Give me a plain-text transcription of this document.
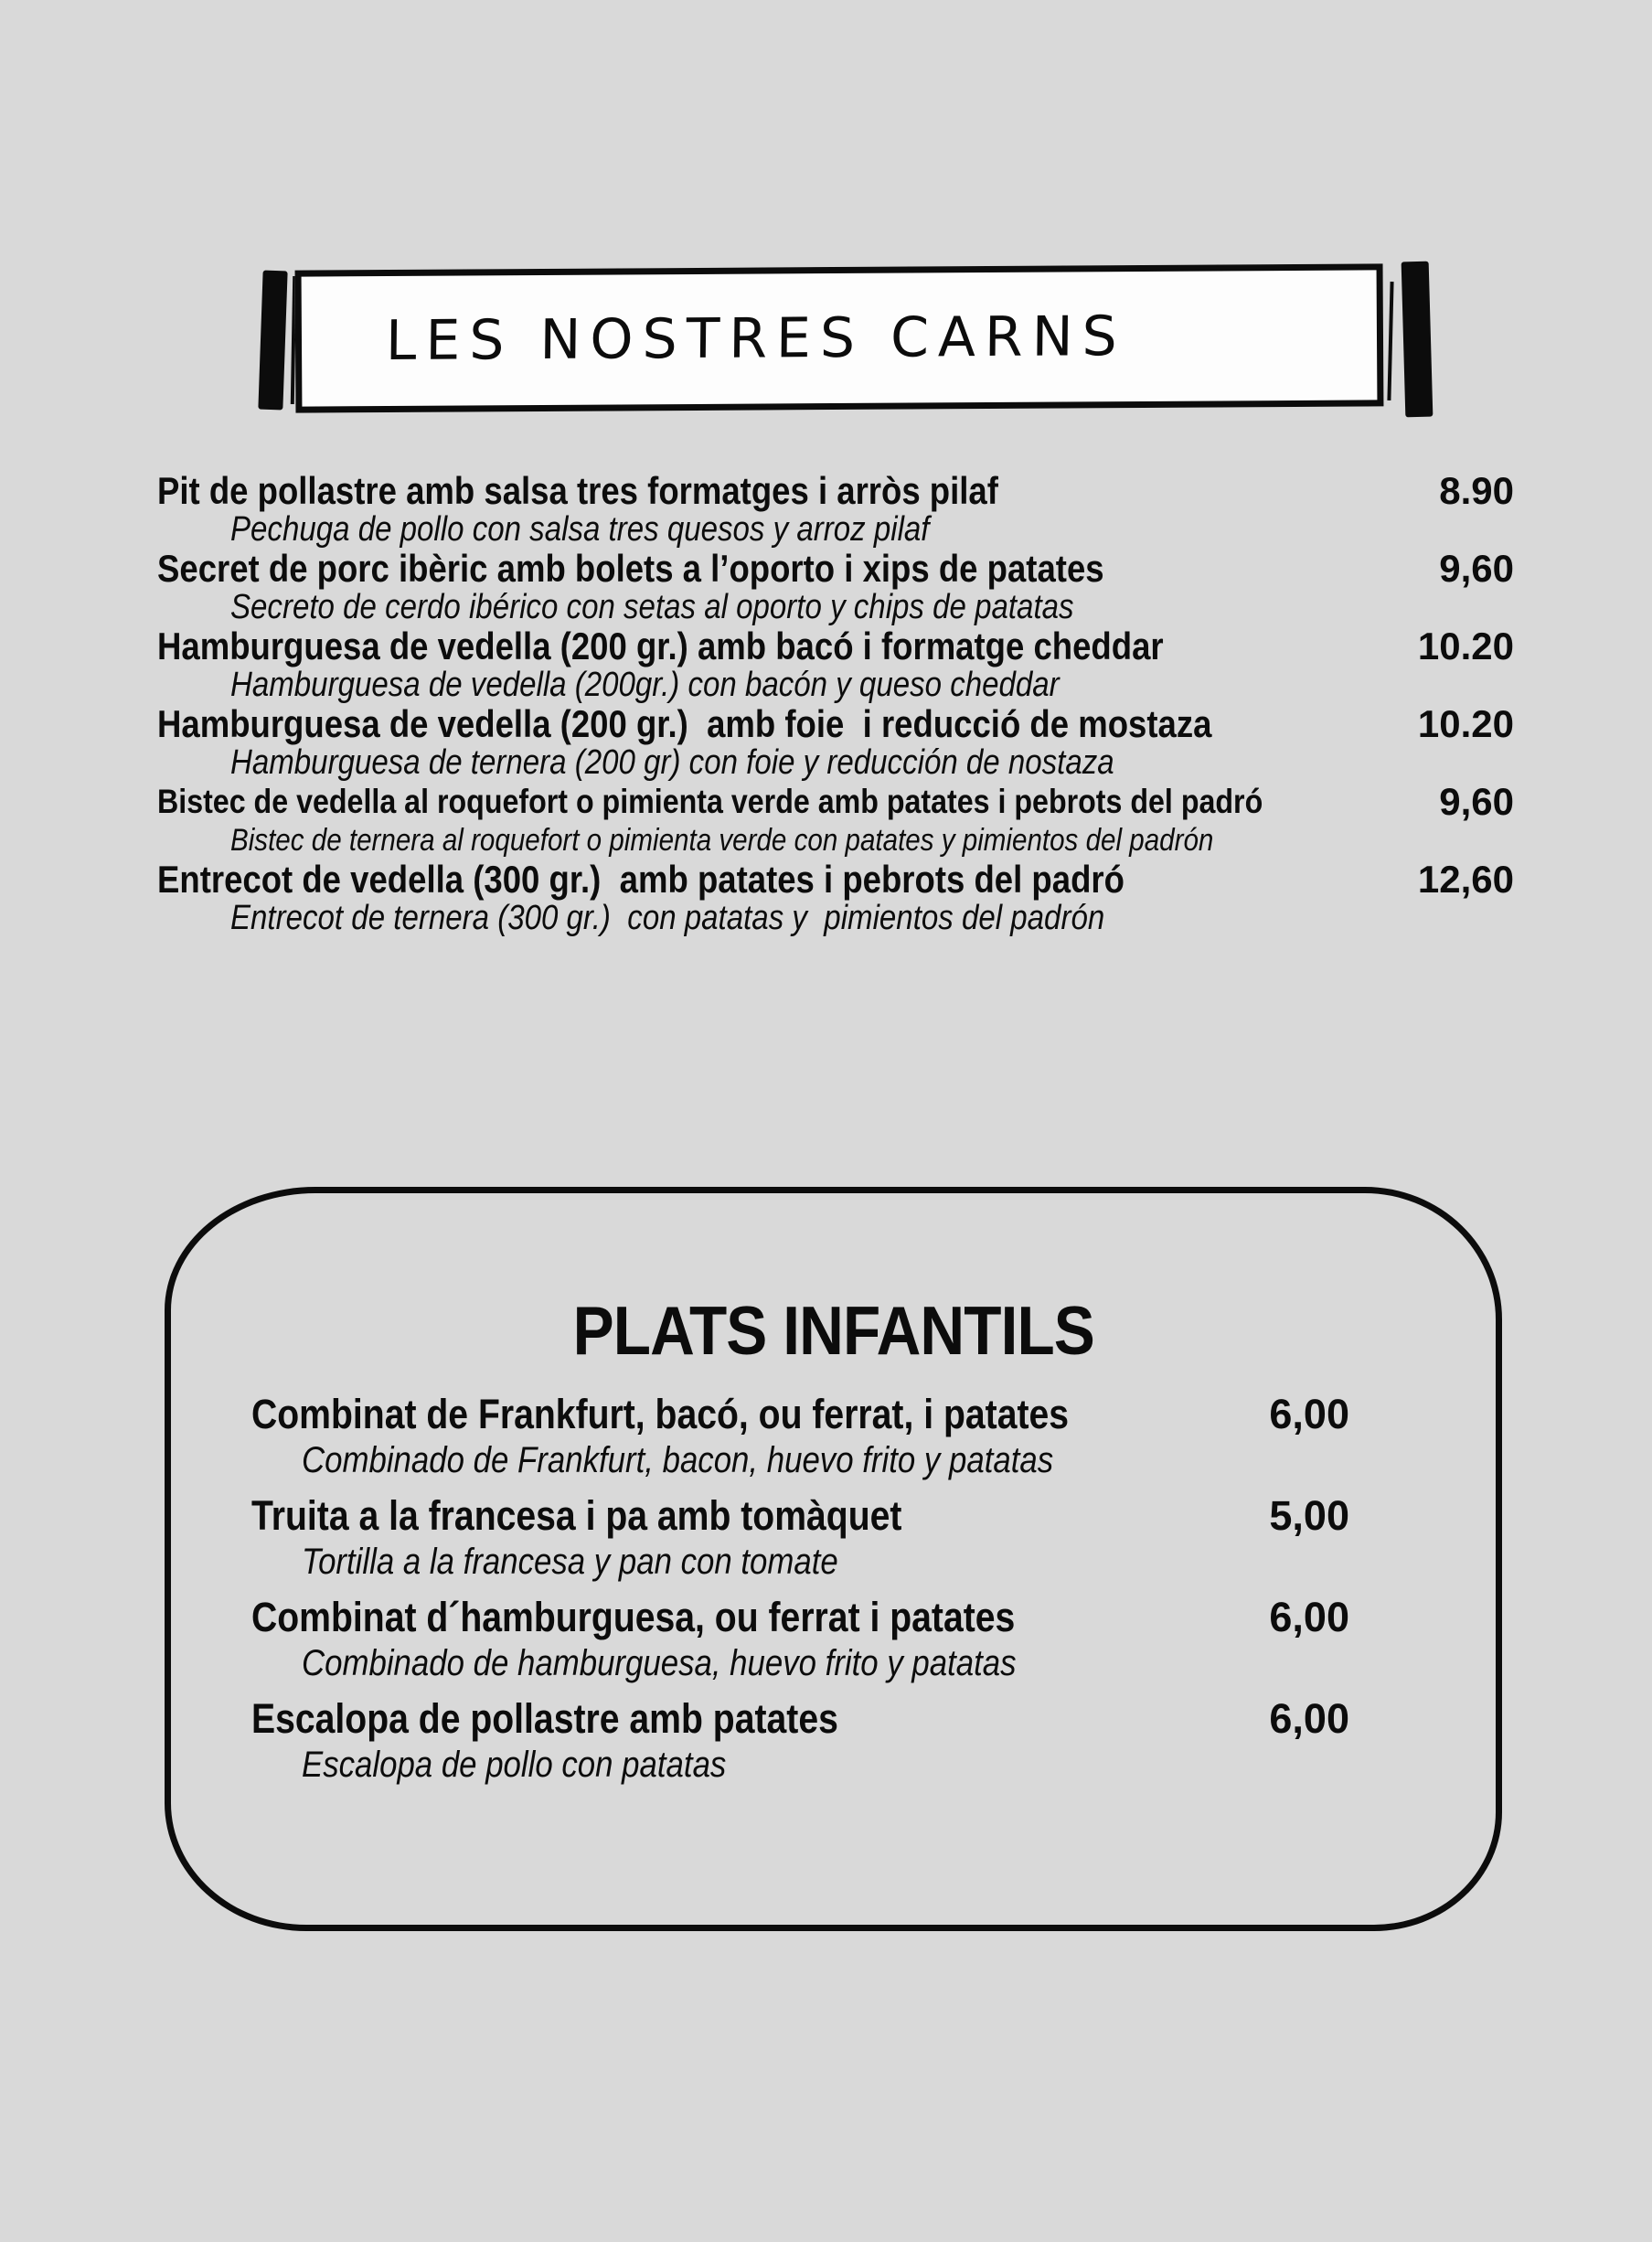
LES NOSTRES CARNS
Pit de pollastre amb salsa tres formatges i arròs pilaf
Pechuga de pollo con salsa tres quesos y arroz pilaf
8.90
Secret de porc ibèric amb bolets a l’oporto i xips de patates
Secreto de cerdo ibérico con setas al oporto y chips de patatas
9,60
Hamburguesa de vedella (200 gr.) amb bacó i formatge cheddar
Hamburguesa de vedella (200gr.) con bacón y queso cheddar
10.20
Hamburguesa de vedella (200 gr.)  amb foie  i reducció de mostaza
Hamburguesa de ternera (200 gr) con foie y reducción de nostaza
10.20
Bistec de vedella al roquefort o pimienta verde amb patates i pebrots del padró
Bistec de ternera al roquefort o pimienta verde con patates y pimientos del padrón
9,60
Entrecot de vedella (300 gr.)  amb patates i pebrots del padró
Entrecot de ternera (300 gr.)  con patatas y  pimientos del padrón
12,60
PLATS INFANTILS
Combinat de Frankfurt, bacó, ou ferrat, i patates
Combinado de Frankfurt, bacon, huevo frito y patatas
6,00
Truita a la francesa i pa amb tomàquet
Tortilla a la francesa y pan con tomate
5,00
Combinat d´hamburguesa, ou ferrat i patates
Combinado de hamburguesa, huevo frito y patatas
6,00
Escalopa de pollastre amb patates
Escalopa de pollo con patatas
6,00
